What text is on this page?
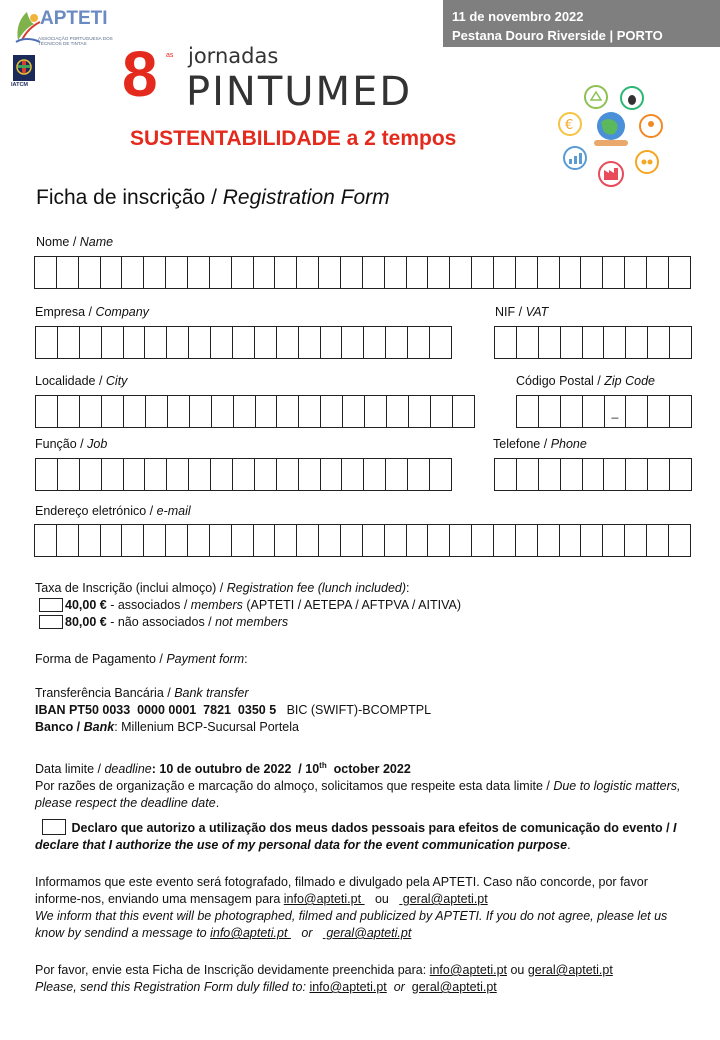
APTETI
ASSOCIAÇÃO PORTUGUESA DOS TÉCNICOS DE TINTAS
IATCM
11 de novembro 2022
Pestana Douro Riverside | PORTO
8 as jornadas
PINTUMED
SUSTENTABILIDADE a 2 tempos
€
Ficha de inscrição / Registration Form
Nome / Name
Empresa / Company	NIF / VAT
Localidade / City	Código Postal / Zip Code
_
Função / Job	Telefone / Phone
Endereço eletrónico / e-mail
Taxa de Inscrição (inclui almoço) / Registration fee (lunch included):
40,00 € - associados / members (APTETI / AETEPA / AFTPVA / AITIVA)
80,00 € - não associados / not members
Forma de Pagamento / Payment form:
Transferência Bancária / Bank transfer
IBAN PT50 0033  0000 0001  7821  0350 5   BIC (SWIFT)-BCOMPTPL
Banco / Bank: Millenium BCP-Sucursal Portela
Data limite / deadline: 10 de outubro de 2022  / 10th  october 2022
Por razões de organização e marcação do almoço, solicitamos que respeite esta data limite / Due to logistic matters, please respect the deadline date.
Declaro que autorizo a utilização dos meus dados pessoais para efeitos de comunicação do evento / I declare that I authorize the use of my personal data for the event communication purpose.
Informamos que este evento será fotografado, filmado e divulgado pela APTETI. Caso não concorde, por favor informe-nos, enviando uma mensagem para info@apteti.pt    ou    geral@apteti.pt
We inform that this event will be photographed, filmed and publicized by APTETI. If you do not agree, please let us know by sendind a message to info@apteti.pt    or    geral@apteti.pt
Por favor, envie esta Ficha de Inscrição devidamente preenchida para: info@apteti.pt ou geral@apteti.pt
Please, send this Registration Form duly filled to: info@apteti.pt  or  geral@apteti.pt
